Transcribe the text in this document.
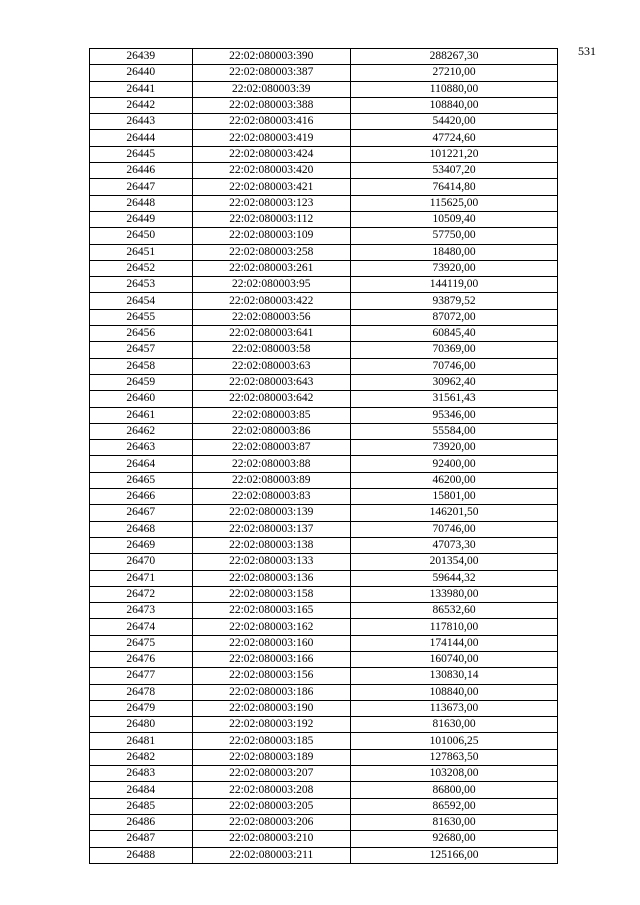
531
26439	22:02:080003:390	288267,30
26440	22:02:080003:387	27210,00
26441	22:02:080003:39	110880,00
26442	22:02:080003:388	108840,00
26443	22:02:080003:416	54420,00
26444	22:02:080003:419	47724,60
26445	22:02:080003:424	101221,20
26446	22:02:080003:420	53407,20
26447	22:02:080003:421	76414,80
26448	22:02:080003:123	115625,00
26449	22:02:080003:112	10509,40
26450	22:02:080003:109	57750,00
26451	22:02:080003:258	18480,00
26452	22:02:080003:261	73920,00
26453	22:02:080003:95	144119,00
26454	22:02:080003:422	93879,52
26455	22:02:080003:56	87072,00
26456	22:02:080003:641	60845,40
26457	22:02:080003:58	70369,00
26458	22:02:080003:63	70746,00
26459	22:02:080003:643	30962,40
26460	22:02:080003:642	31561,43
26461	22:02:080003:85	95346,00
26462	22:02:080003:86	55584,00
26463	22:02:080003:87	73920,00
26464	22:02:080003:88	92400,00
26465	22:02:080003:89	46200,00
26466	22:02:080003:83	15801,00
26467	22:02:080003:139	146201,50
26468	22:02:080003:137	70746,00
26469	22:02:080003:138	47073,30
26470	22:02:080003:133	201354,00
26471	22:02:080003:136	59644,32
26472	22:02:080003:158	133980,00
26473	22:02:080003:165	86532,60
26474	22:02:080003:162	117810,00
26475	22:02:080003:160	174144,00
26476	22:02:080003:166	160740,00
26477	22:02:080003:156	130830,14
26478	22:02:080003:186	108840,00
26479	22:02:080003:190	113673,00
26480	22:02:080003:192	81630,00
26481	22:02:080003:185	101006,25
26482	22:02:080003:189	127863,50
26483	22:02:080003:207	103208,00
26484	22:02:080003:208	86800,00
26485	22:02:080003:205	86592,00
26486	22:02:080003:206	81630,00
26487	22:02:080003:210	92680,00
26488	22:02:080003:211	125166,00
